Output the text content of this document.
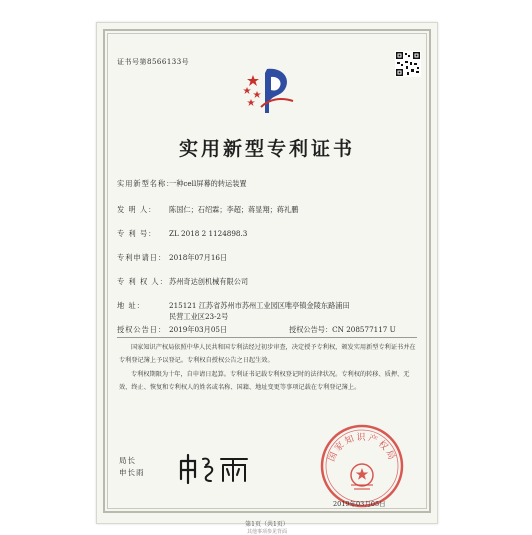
证书号第8566133号
实用新型专利证书
实用新型名称：一种cell屏幕的转运装置
发 明 人： 陈国仁；石绍霖；李超；蒋显翔；蒋礼鹏
专 利 号： ZL 2018 2 1124898.3
专利申请日： 2018年07月16日
专 利 权 人：苏州奇达创机械有限公司
地 址：	215121 江苏省苏州市苏州工业园区唯亭镇金陵东路浦田
民营工业区23-2号
授权公告日： 2019年03月05日	授权公告号：CN 208577117 U

国家知识产权局依照中华人民共和国专利法经过初步审查，决定授予专利权，颁发实用新型专利证书并在专利登记簿上予以登记。专利权自授权公告之日起生效。

专利权期限为十年，自申请日起算。专利证书记载专利权登记时的法律状况。专利权的转移、质押、无效、终止、恢复和专利权人的姓名或名称、国籍、地址变更等事项记载在专利登记簿上。

局长
申长雨
国家知识产权局
2019年03月05日
第1页（共1页）
其他事项参见背面
